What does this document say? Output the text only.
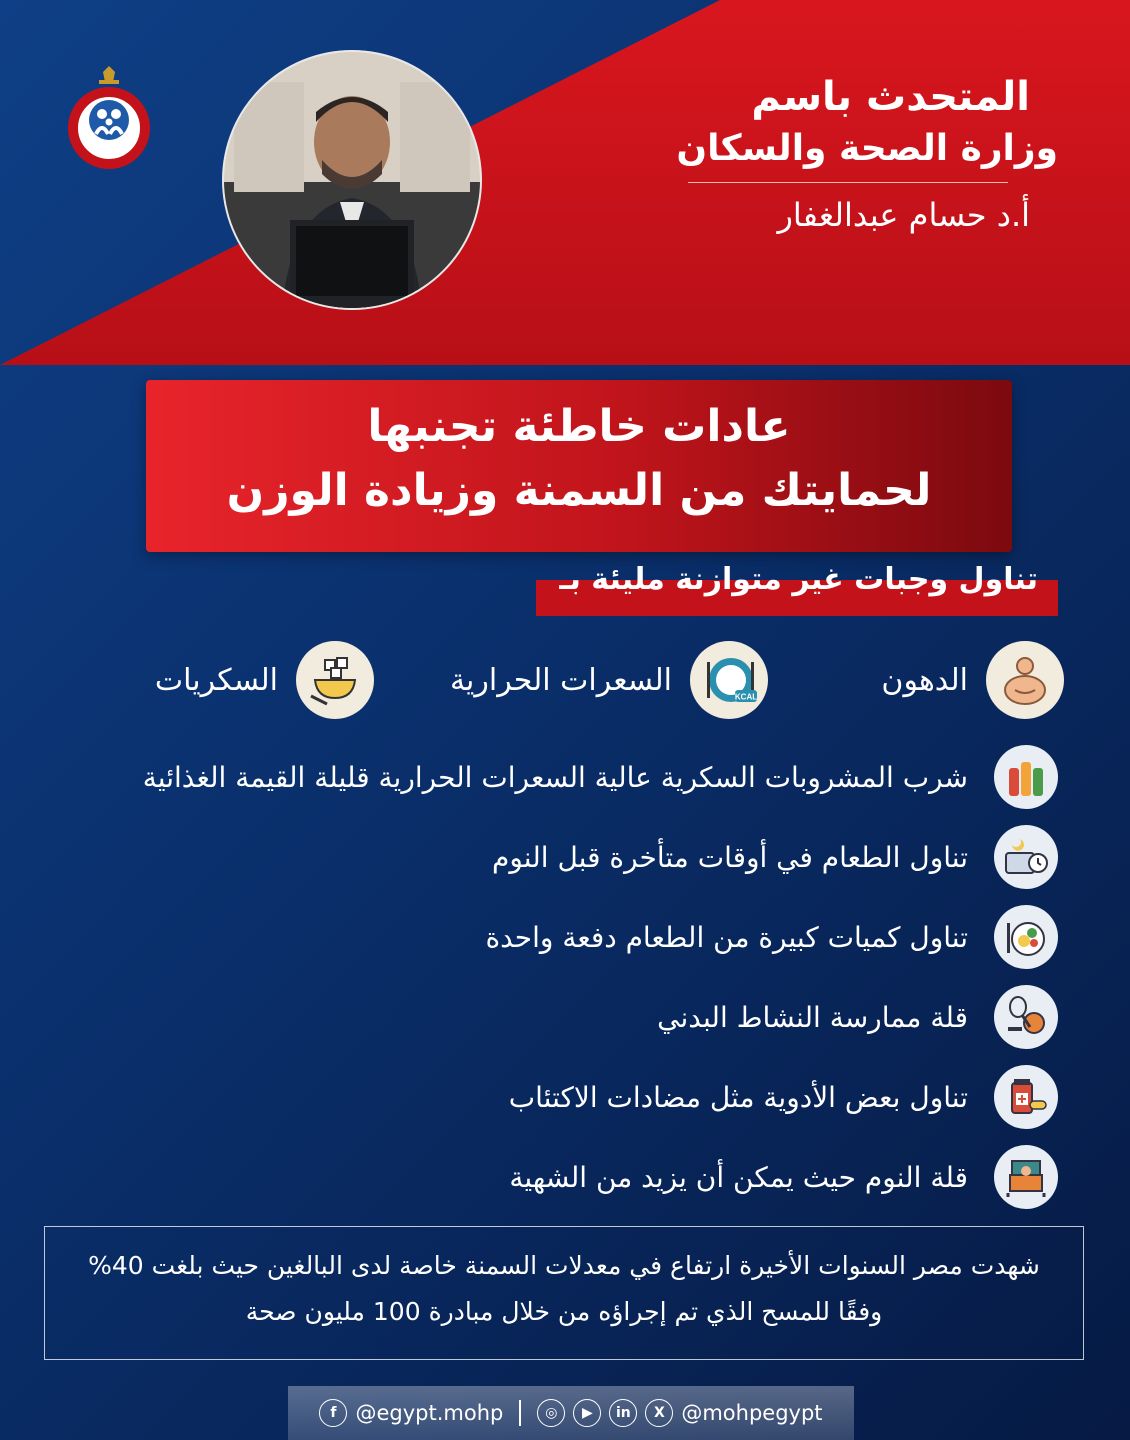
المتحدث باسم
وزارة الصحة والسكان
أ.د حسام عبدالغفار
عادات خاطئة تجنبها
لحمايتك من السمنة وزيادة الوزن
تناول وجبات غير متوازنة مليئة بـ
الدهون
KCAL
السعرات الحرارية
السكريات
شرب المشروبات السكرية عالية السعرات الحرارية قليلة القيمة الغذائية
تناول الطعام في أوقات متأخرة قبل النوم
تناول كميات كبيرة من الطعام دفعة واحدة
قلة ممارسة النشاط البدني
تناول بعض الأدوية مثل مضادات الاكتئاب
قلة النوم حيث يمكن أن يزيد من الشهية

شهدت مصر السنوات الأخيرة ارتفاع في معدلات السمنة خاصة لدى البالغين حيث بلغت 40%

وفقًا للمسح الذي تم إجراؤه من خلال مبادرة 100 مليون صحة

f @egypt.mohp	◎	▶	in	X @mohpegypt
